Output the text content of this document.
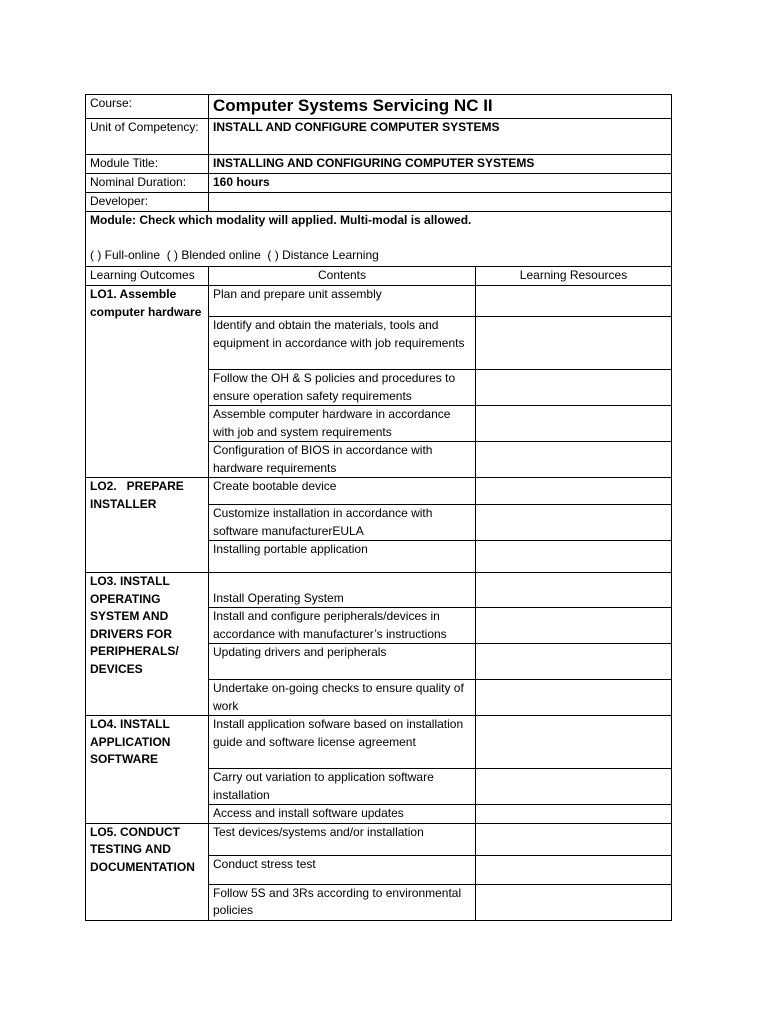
Course:	Computer Systems Servicing NC II	
Unit of Competency:	INSTALL AND CONFIGURE COMPUTER SYSTEMS	
Module Title:	INSTALLING AND CONFIGURING COMPUTER SYSTEMS	
Nominal Duration:	160 hours	
Developer:		
Module: Check which modality will applied. Multi-modal is allowed.
( ) Full-online  ( ) Blended online  ( ) Distance Learning		

Learning Outcomes	Contents	Learning Resources
LO1. Assemble computer hardware	Plan and prepare unit assembly	
	Identify and obtain the materials, tools and equipment in accordance with job requirements	
	Follow the OH & S policies and procedures to ensure operation safety requirements	
	Assemble computer hardware in accordance with job and system requirements	
	Configuration of BIOS in accordance with hardware requirements	
LO2.   PREPARE INSTALLER	Create bootable device	
	Customize installation in accordance with software manufacturerEULA	
	Installing portable application	
LO3. INSTALL OPERATING SYSTEM AND DRIVERS FOR PERIPHERALS/ DEVICES	Install Operating System	
	Install and configure peripherals/devices in accordance with manufacturer’s instructions	
	Updating drivers and peripherals	
	Undertake on-going checks to ensure quality of work	
LO4. INSTALL APPLICATION SOFTWARE	Install application sofware based on installation guide and software license agreement	
	Carry out variation to application software installation	
	Access and install software updates	
LO5. CONDUCT TESTING AND DOCUMENTATION	Test devices/systems and/or installation	
	Conduct stress test	
	Follow 5S and 3Rs according to environmental policies	
